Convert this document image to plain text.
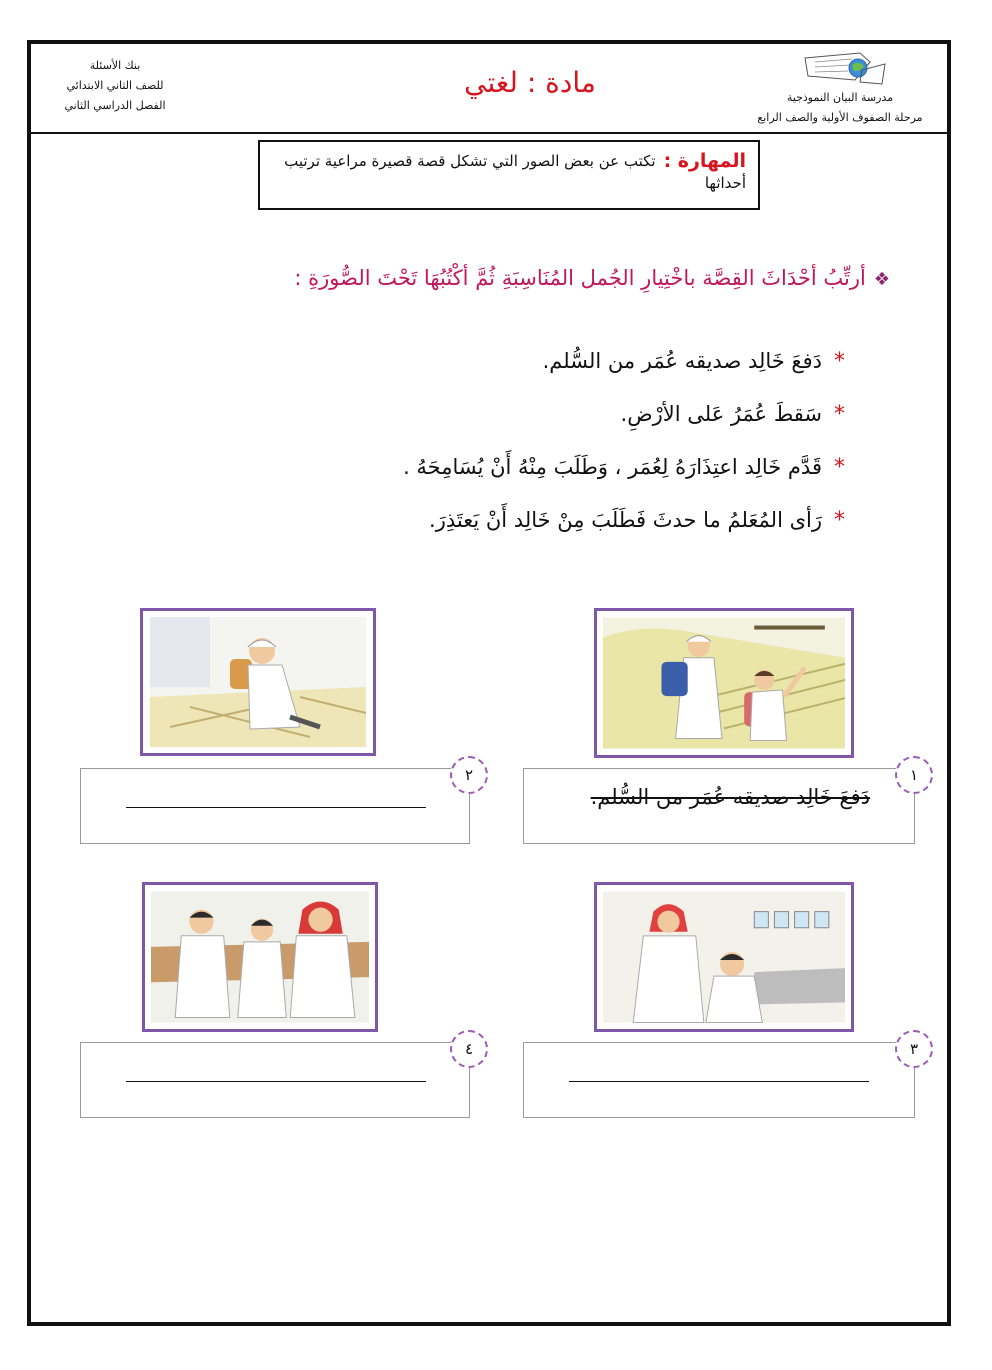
بنك الأسئلة
للصف الثاني الابتدائي
الفصل الدراسي الثاني
مادة : لغتي	مدرسة البيان النموذجية
مرحلة الصفوف الأولية والصف الرابع
المهارة :
تكتب عن بعض الصور التي تشكل قصة قصيرة مراعية ترتيب أحداثها
❖أرتِّبُ أحْدَاثَ القِصَّة باخْتِيارِ الجُمل المُنَاسِبَةِ ثُمَّ أكْتُبُهَا تَحْتَ الصُّورَةِ :
*دَفعَ خَالِد صديقه عُمَر من السُّلم.
*سَقطَ عُمَرُ عَلى الأرْضِ.
*قَدَّم خَالِد اعتِذَارَهُ لِعُمَر ، وَطَلَبَ مِنْهُ أَنْ يُسَامِحَهُ .
*رَأى المُعَلمُ ما حدثَ فَطَلَبَ مِنْ خَالِد أَنْ يَعتَذِرَ.
دَفعَ خَالِد صديقه عُمَر من السُّلم.
١
٢
٣
٤
